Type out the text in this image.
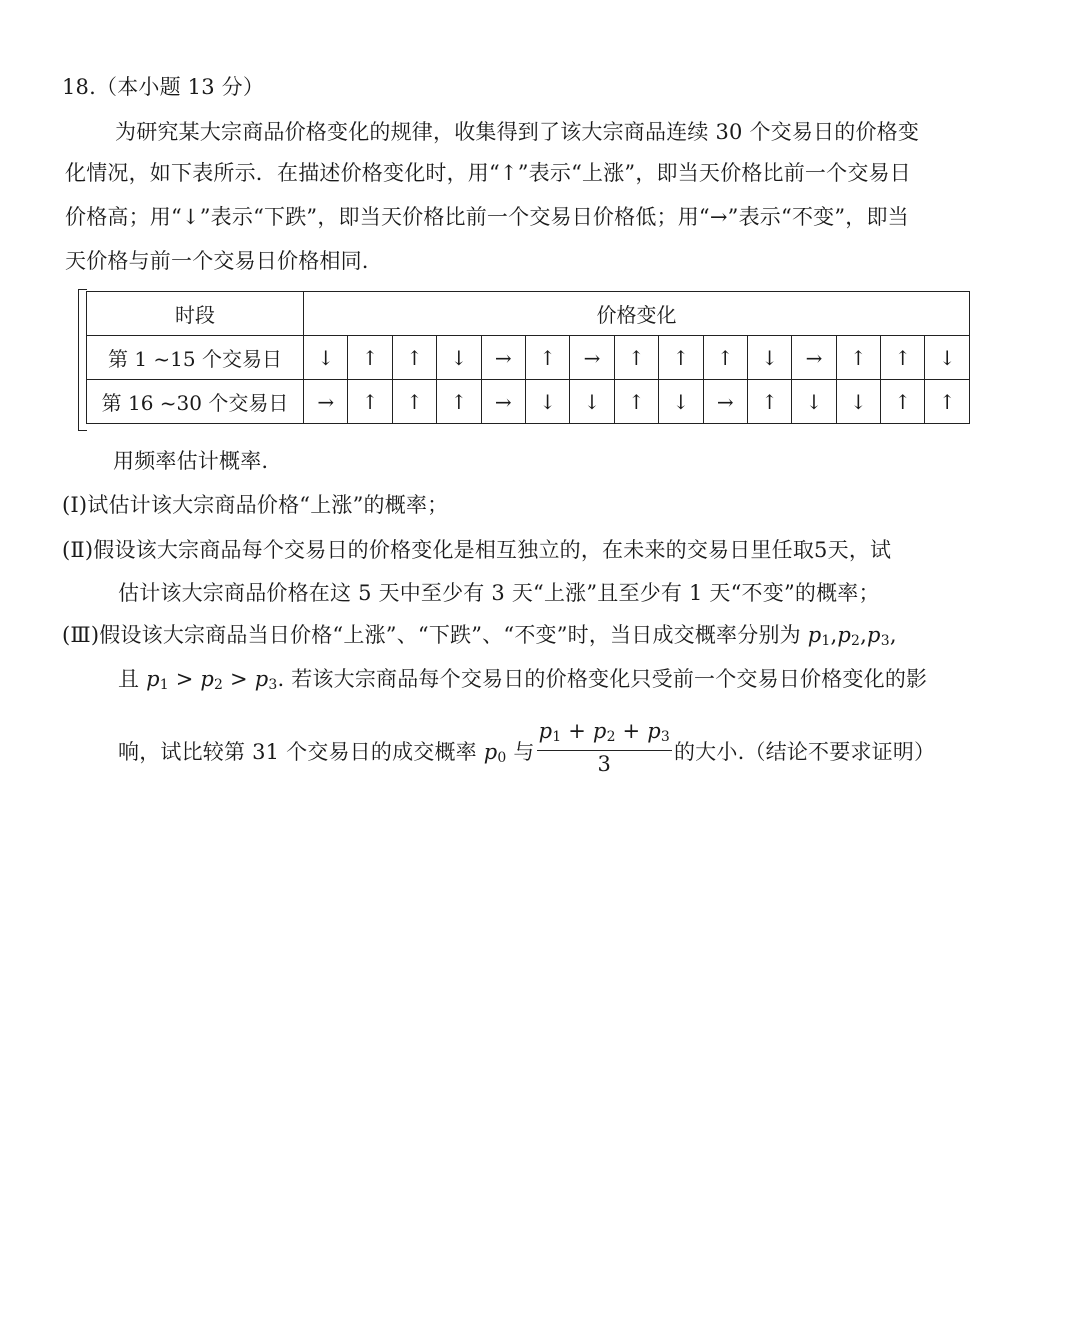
18.（本小题 13 分）
为研究某大宗商品价格变化的规律，收集得到了该大宗商品连续 30 个交易日的价格变
化情况，如下表所示．在描述价格变化时，用“↑”表示“上涨”，即当天价格比前一个交易日
价格高；用“↓”表示“下跌”，即当天价格比前一个交易日价格低；用“→”表示“不变”，即当
天价格与前一个交易日价格相同.
时段	价格变化														
第 1 ~15 个交易日	↓	↑	↑	↓	→	↑	→	↑	↑	↑	↓	→	↑	↑	↓
第 16 ~30 个交易日	→	↑	↑	↑	→	↓	↓	↑	↓	→	↑	↓	↓	↑	↑
用频率估计概率.
(Ⅰ)试估计该大宗商品价格“上涨”的概率；
(Ⅱ)假设该大宗商品每个交易日的价格变化是相互独立的，在未来的交易日里任取5天，试
估计该大宗商品价格在这 5 天中至少有 3 天“上涨”且至少有 1 天“不变”的概率；
(Ⅲ)假设该大宗商品当日价格“上涨”、“下跌”、“不变”时，当日成交概率分别为 $p_1,p_2,p_3$,
且 $p_1 > p_2 > p_3$. 若该大宗商品每个交易日的价格变化只受前一个交易日价格变化的影
响，试比较第 31 个交易日的成交概率 $p_0$ 与 $\frac{p_1 + p_2 + p_3}{3}$ 的大小.（结论不要求证明）
